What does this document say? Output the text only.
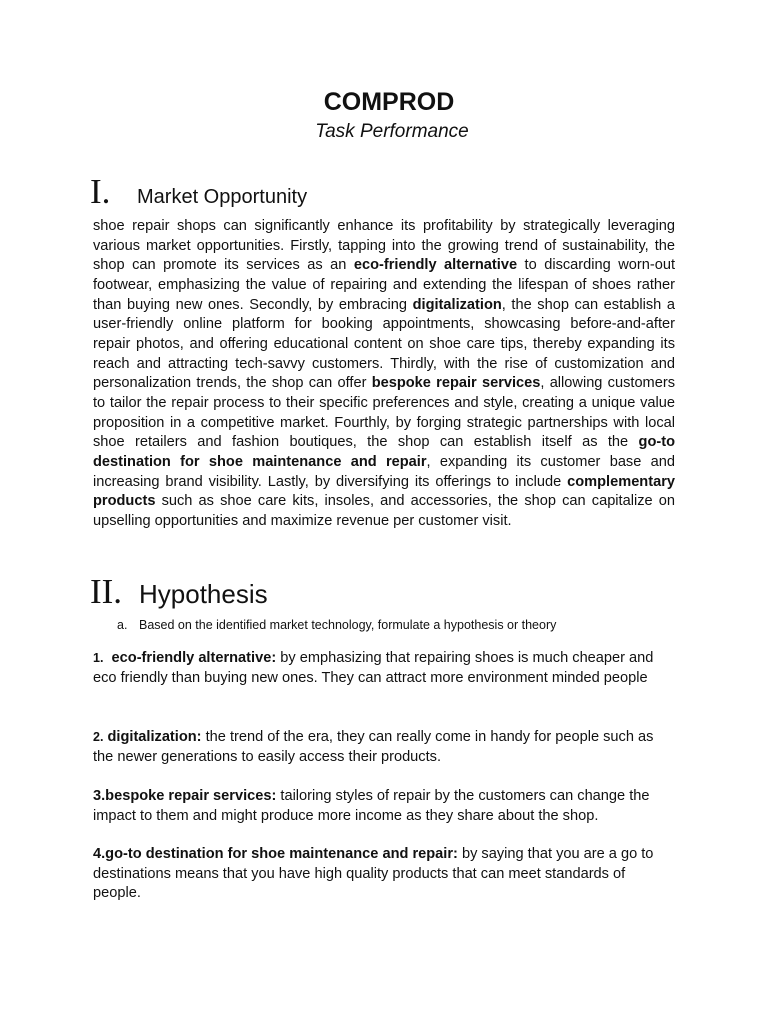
COMPROD

Task Performance

I.	Market Opportunity

shoe repair shops can significantly enhance its profitability by strategically leveraging various market opportunities. Firstly, tapping into the growing trend of sustainability, the shop can promote its services as an eco-friendly alternative to discarding worn-out footwear, emphasizing the value of repairing and extending the lifespan of shoes rather than buying new ones. Secondly, by embracing digitalization, the shop can establish a user-friendly online platform for booking appointments, showcasing before-and-after repair photos, and offering educational content on shoe care tips, thereby expanding its reach and attracting tech-savvy customers. Thirdly, with the rise of customization and personalization trends, the shop can offer bespoke repair services, allowing customers to tailor the repair process to their specific preferences and style, creating a unique value proposition in a competitive market. Fourthly, by forging strategic partnerships with local shoe retailers and fashion boutiques, the shop can establish itself as the go-to destination for shoe maintenance and repair, expanding its customer base and increasing brand visibility. Lastly, by diversifying its offerings to include complementary products such as shoe care kits, insoles, and accessories, the shop can capitalize on upselling opportunities and maximize revenue per customer visit.

II. Hypothesis

a. Based on the identified market technology, formulate a hypothesis or theory

1. eco-friendly alternative: by emphasizing that repairing shoes is much cheaper and eco friendly than buying new ones. They can attract more environment minded people

2. digitalization: the trend of the era, they can really come in handy for people such as the newer generations to easily access their products.

3.bespoke repair services: tailoring styles of repair by the customers can change the impact to them and might produce more income as they share about the shop.

4.go-to destination for shoe maintenance and repair: by saying that you are a go to destinations means that you have high quality products that can meet standards of people.
